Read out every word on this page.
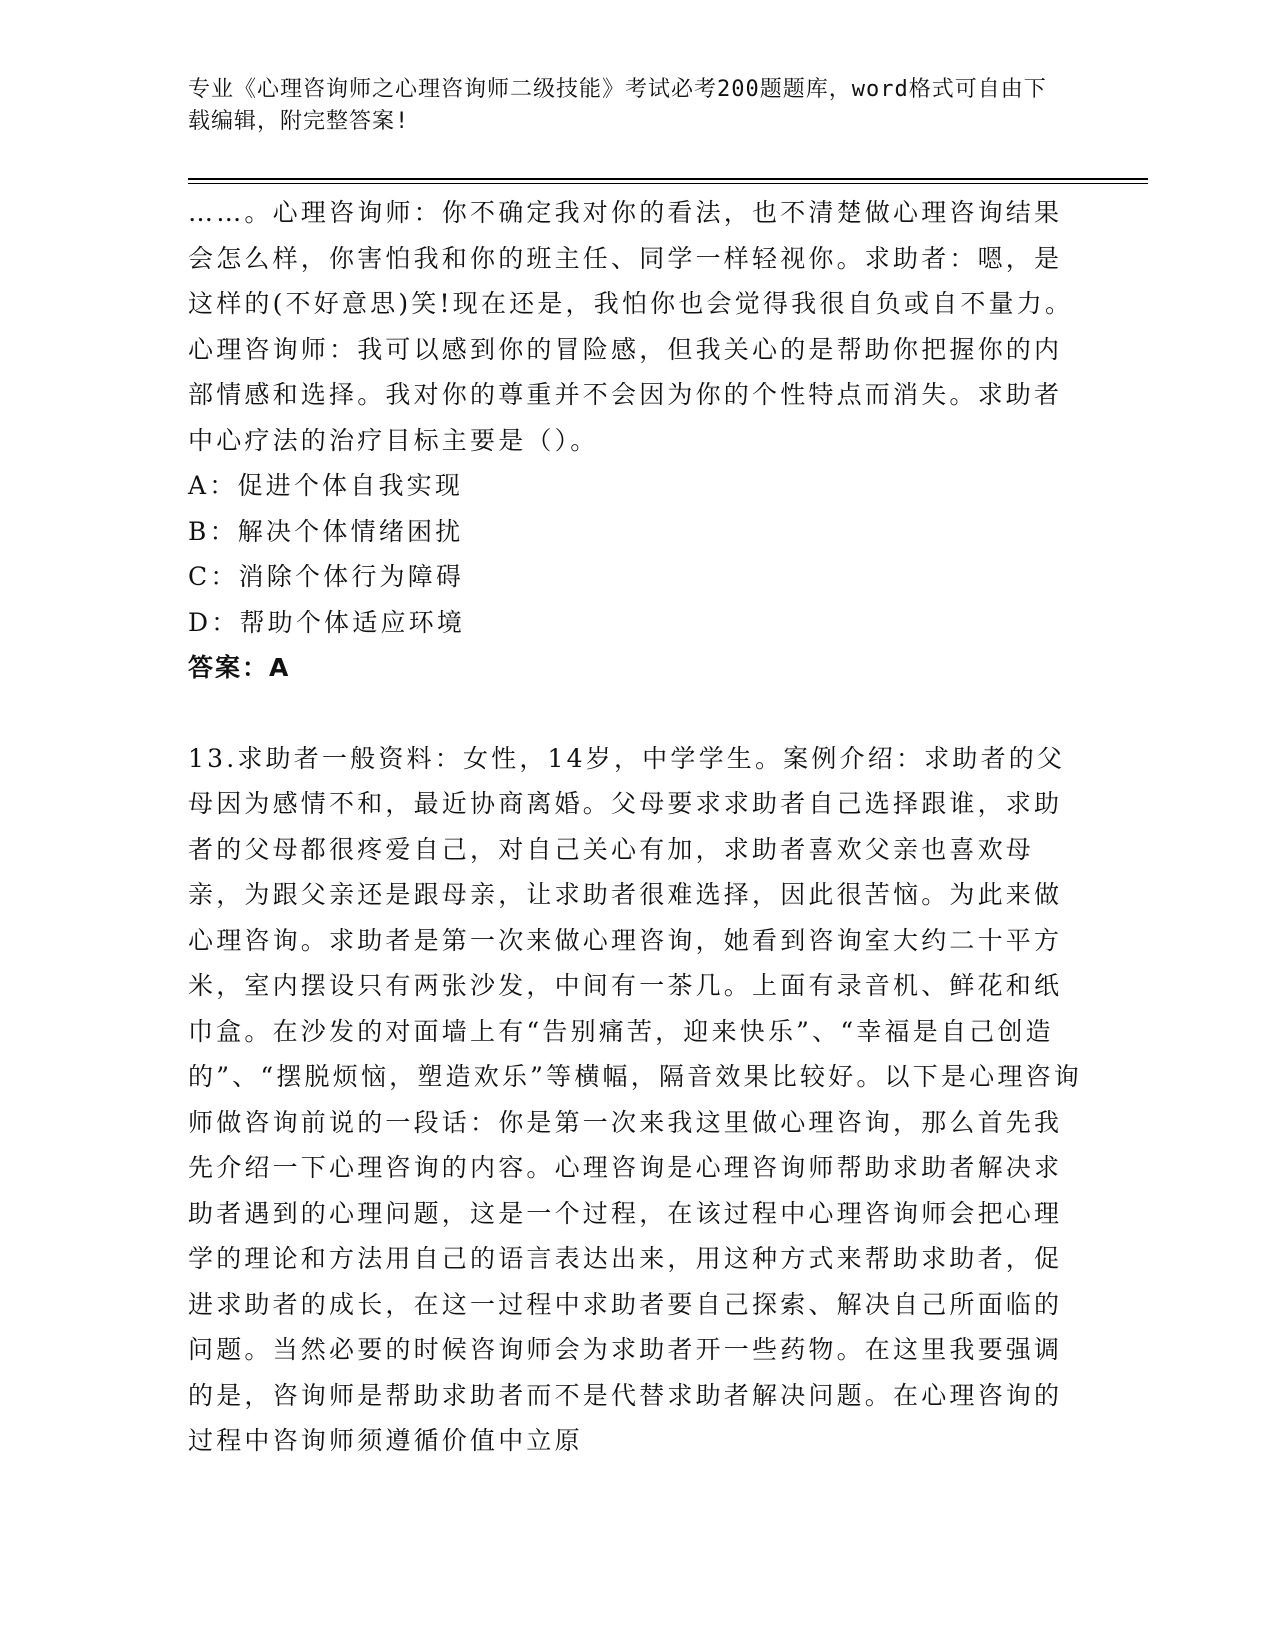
专业《心理咨询师之心理咨询师二级技能》考试必考200题题库，word格式可自由下载编辑，附完整答案!

……。心理咨询师：你不确定我对你的看法，也不清楚做心理咨询结果会怎么样，你害怕我和你的班主任、同学一样轻视你。求助者：嗯，是这样的(不好意思)笑!现在还是，我怕你也会觉得我很自负或自不量力。心理咨询师：我可以感到你的冒险感，但我关心的是帮助你把握你的内部情感和选择。我对你的尊重并不会因为你的个性特点而消失。求助者中心疗法的治疗目标主要是（）。

A：促进个体自我实现

B：解决个体情绪困扰

C：消除个体行为障碍

D：帮助个体适应环境

答案：A

13.求助者一般资料：女性，14岁，中学学生。案例介绍：求助者的父母因为感情不和，最近协商离婚。父母要求求助者自己选择跟谁，求助者的父母都很疼爱自己，对自己关心有加，求助者喜欢父亲也喜欢母亲，为跟父亲还是跟母亲，让求助者很难选择，因此很苦恼。为此来做心理咨询。求助者是第一次来做心理咨询，她看到咨询室大约二十平方米，室内摆设只有两张沙发，中间有一茶几。上面有录音机、鲜花和纸巾盒。在沙发的对面墙上有“告别痛苦，迎来快乐”、“幸福是自己创造的”、“摆脱烦恼，塑造欢乐”等横幅，隔音效果比较好。以下是心理咨询师做咨询前说的一段话：你是第一次来我这里做心理咨询，那么首先我先介绍一下心理咨询的内容。心理咨询是心理咨询师帮助求助者解决求助者遇到的心理问题，这是一个过程，在该过程中心理咨询师会把心理学的理论和方法用自己的语言表达出来，用这种方式来帮助求助者，促进求助者的成长，在这一过程中求助者要自己探索、解决自己所面临的问题。当然必要的时候咨询师会为求助者开一些药物。在这里我要强调的是，咨询师是帮助求助者而不是代替求助者解决问题。在心理咨询的过程中咨询师须遵循价值中立原
